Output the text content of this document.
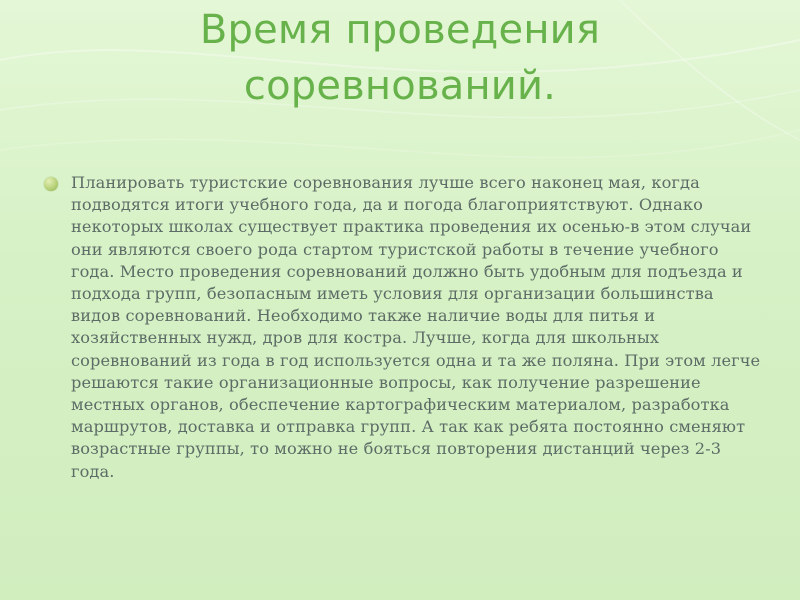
Время проведения соревнований.

Планировать туристские соревнования лучше всего наконец мая, когда подводятся итоги учебного года, да и погода благоприятствуют. Однако некоторых школах существует практика проведения их осенью-в этом случаи они являются своего рода стартом туристской работы в течение учебного года. Место проведения соревнований должно быть удобным для подъезда и подхода групп, безопасным иметь условия для организации большинства видов соревнований. Необходимо также наличие воды для питья и хозяйственных нужд, дров для костра. Лучше, когда для школьных соревнований из года в год используется одна и та же поляна. При этом легче решаются такие организационные вопросы, как получение разрешение местных органов, обеспечение картографическим материалом, разработка маршрутов, доставка и отправка групп. А так как ребята постоянно сменяют возрастные группы, то можно не бояться повторения дистанций через 2-3 года.
